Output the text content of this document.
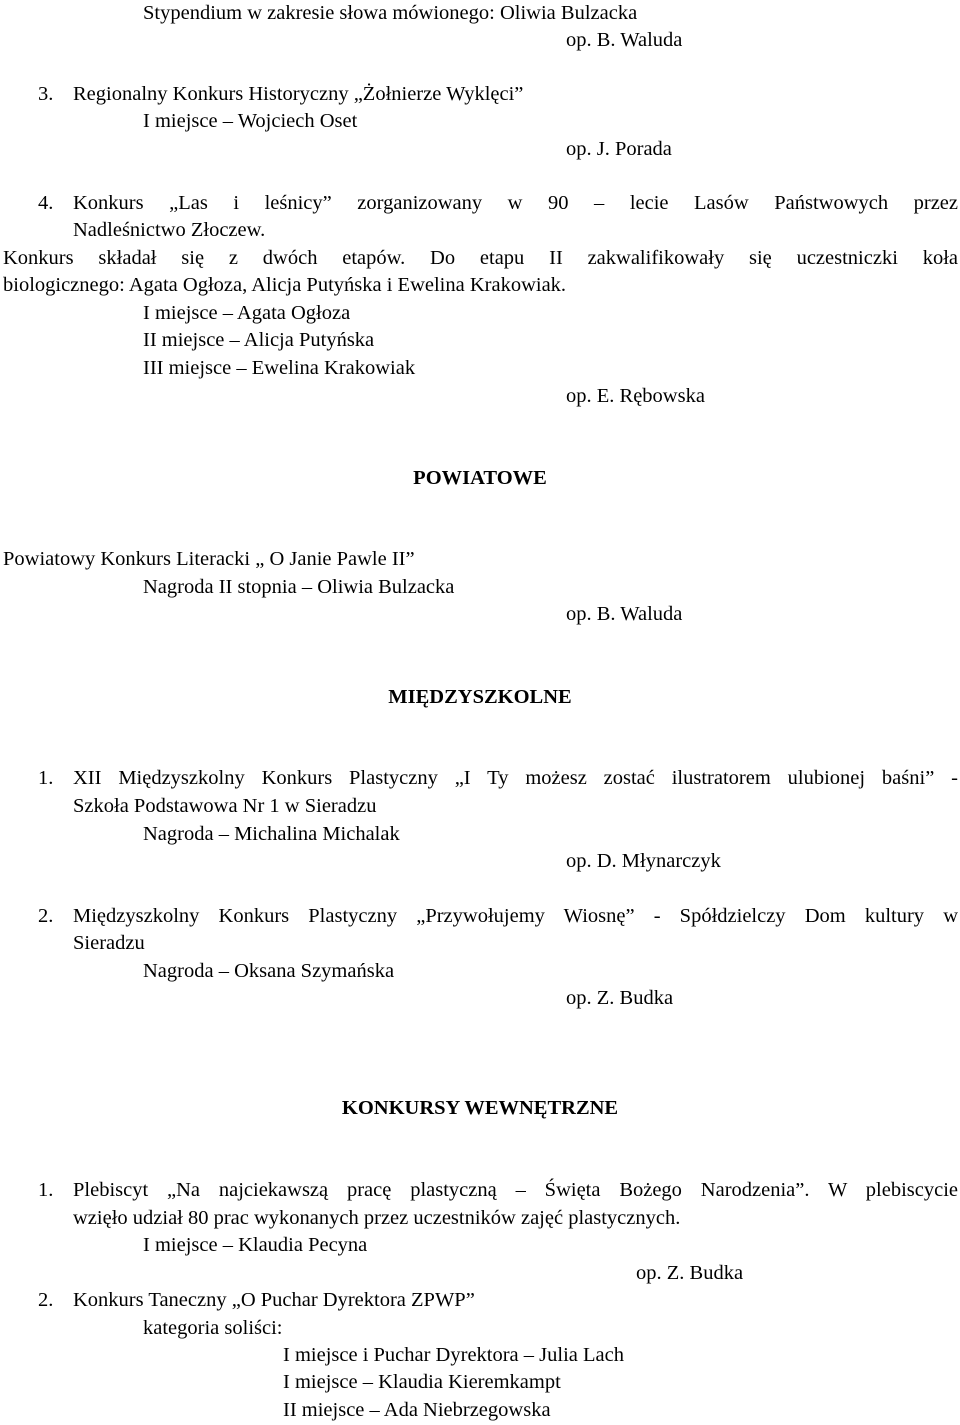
Stypendium w zakresie słowa mówionego: Oliwia Bulzacka
op. B. Waluda
3. Regionalny Konkurs Historyczny „Żołnierze Wyklęci”
I miejsce – Wojciech Oset
op. J. Porada
4. Konkurs „Las i leśnicy” zorganizowany w 90 – lecie Lasów Państwowych przez
Nadleśnictwo Złoczew.
Konkurs składał się z dwóch etapów. Do etapu II zakwalifikowały się uczestniczki koła
biologicznego: Agata Ogłoza, Alicja Putyńska i Ewelina Krakowiak.
I miejsce – Agata Ogłoza
II miejsce – Alicja Putyńska
III miejsce – Ewelina Krakowiak
op. E. Rębowska
POWIATOWE
Powiatowy Konkurs Literacki „ O Janie Pawle II”
Nagroda II stopnia – Oliwia Bulzacka
op. B. Waluda
MIĘDZYSZKOLNE
1. XII Międzyszkolny Konkurs Plastyczny „I Ty możesz zostać ilustratorem ulubionej baśni” -
Szkoła Podstawowa Nr 1 w Sieradzu
Nagroda – Michalina Michalak
op. D. Młynarczyk
2. Międzyszkolny Konkurs Plastyczny „Przywołujemy Wiosnę” - Spółdzielczy Dom kultury w
Sieradzu
Nagroda – Oksana Szymańska
op. Z. Budka
KONKURSY WEWNĘTRZNE
1. Plebiscyt „Na najciekawszą pracę plastyczną – Święta Bożego Narodzenia”. W plebiscycie
wzięło udział 80 prac wykonanych przez uczestników zajęć plastycznych.
I miejsce – Klaudia Pecyna
op. Z. Budka
2. Konkurs Taneczny „O Puchar Dyrektora ZPWP”
kategoria soliści:
I miejsce i Puchar Dyrektora – Julia Lach
I miejsce – Klaudia Kieremkampt
II miejsce – Ada Niebrzegowska
